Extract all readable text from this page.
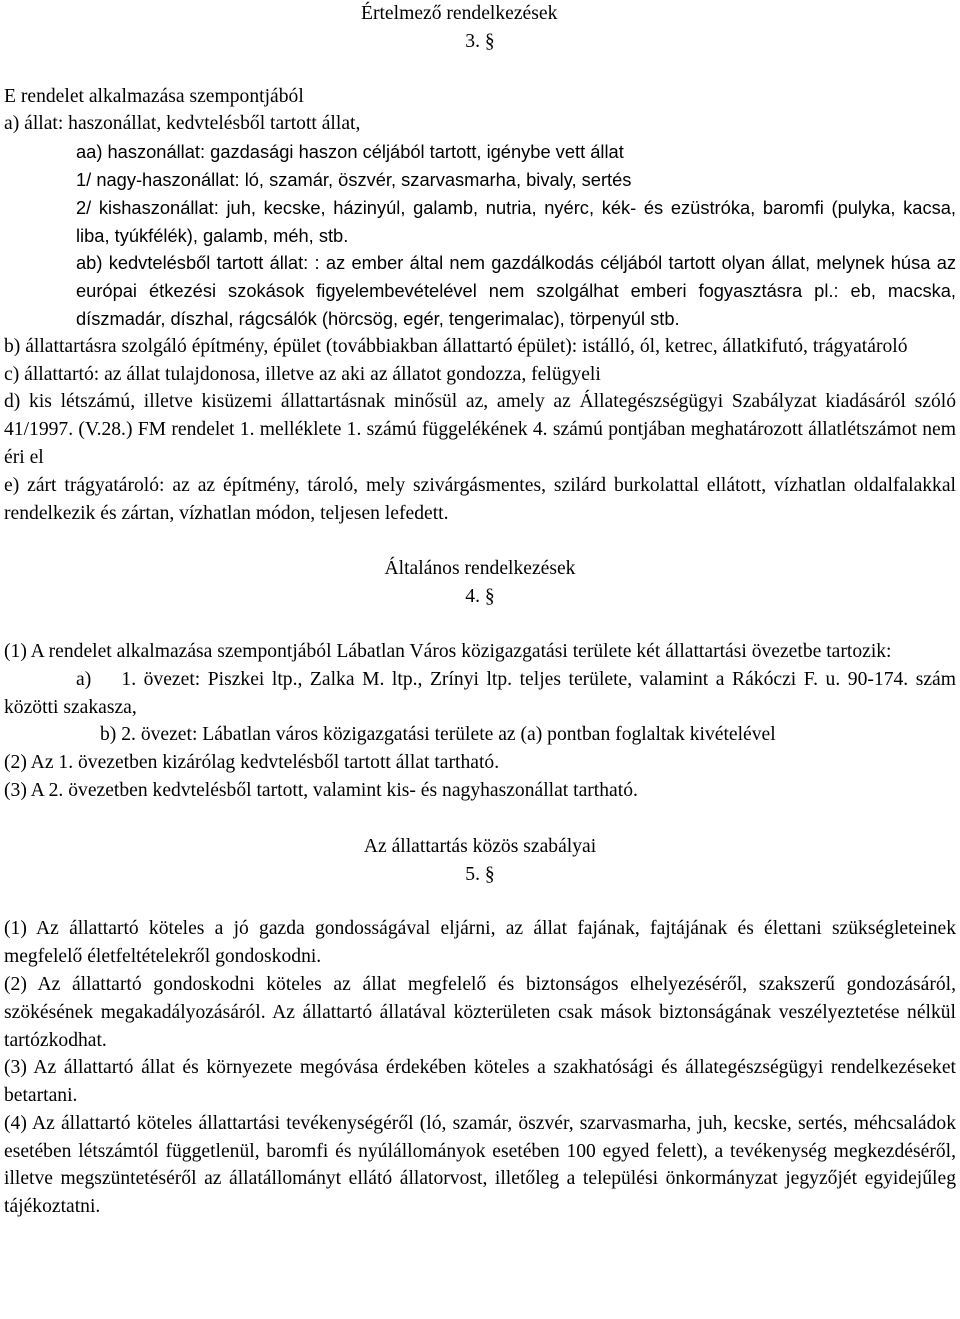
Értelmező rendelkezések

3. §

E rendelet alkalmazása szempontjából

a) állat: haszonállat, kedvtelésből tartott állat,

aa) haszonállat: gazdasági haszon céljából tartott, igénybe vett állat

1/ nagy-haszonállat: ló, szamár, öszvér, szarvasmarha, bivaly, sertés

2/ kishaszonállat: juh, kecske, házinyúl, galamb, nutria, nyérc, kék- és ezüstróka, baromfi (pulyka, kacsa, liba, tyúkfélék), galamb, méh, stb.

ab) kedvtelésből tartott állat: : az ember által nem gazdálkodás céljából tartott olyan állat, melynek húsa az európai étkezési szokások figyelembevételével nem szolgálhat emberi fogyasztásra pl.: eb, macska, díszmadár, díszhal, rágcsálók (hörcsög, egér, tengerimalac), törpenyúl stb.

b) állattartásra szolgáló építmény, épület (továbbiakban állattartó épület): istálló, ól, ketrec, állatkifutó, trágyatároló

c) állattartó: az állat tulajdonosa, illetve az aki az állatot gondozza, felügyeli

d) kis létszámú, illetve kisüzemi állattartásnak minősül az, amely az Állategészségügyi Szabályzat kiadásáról szóló 41/1997. (V.28.) FM rendelet 1. melléklete 1. számú függelékének 4. számú pontjában meghatározott állatlétszámot nem éri el

e) zárt trágyatároló: az az építmény, tároló, mely szivárgásmentes, szilárd burkolattal ellátott, vízhatlan oldalfalakkal rendelkezik és zártan, vízhatlan módon, teljesen lefedett.

Általános rendelkezések

4. §

(1) A rendelet alkalmazása szempontjából Lábatlan Város közigazgatási területe két állattartási övezetbe tartozik:

a)    1. övezet: Piszkei ltp., Zalka M. ltp., Zrínyi ltp. teljes területe, valamint a Rákóczi F. u. 90-174. szám közötti szakasza,

b) 2. övezet: Lábatlan város közigazgatási területe az (a) pontban foglaltak kivételével

(2) Az 1. övezetben kizárólag kedvtelésből tartott állat tartható.

(3) A 2. övezetben kedvtelésből tartott, valamint kis- és nagyhaszonállat tartható.

Az állattartás közös szabályai

5. §

(1) Az állattartó köteles a jó gazda gondosságával eljárni, az állat fajának, fajtájának és élettani szükségleteinek megfelelő életfeltételekről gondoskodni.

(2) Az állattartó gondoskodni köteles az állat megfelelő és biztonságos elhelyezéséről, szakszerű gondozásáról, szökésének megakadályozásáról. Az állattartó állatával közterületen csak mások biztonságának veszélyeztetése nélkül tartózkodhat.

(3) Az állattartó állat és környezete megóvása érdekében köteles a szakhatósági és állategészségügyi rendelkezéseket betartani.

(4) Az állattartó köteles állattartási tevékenységéről (ló, szamár, öszvér, szarvasmarha, juh, kecske, sertés, méhcsaládok esetében létszámtól függetlenül, baromfi és nyúlállományok esetében 100 egyed felett), a tevékenység megkezdéséről, illetve megszüntetéséről az állatállományt ellátó állatorvost, illetőleg a települési önkormányzat jegyzőjét egyidejűleg tájékoztatni.
